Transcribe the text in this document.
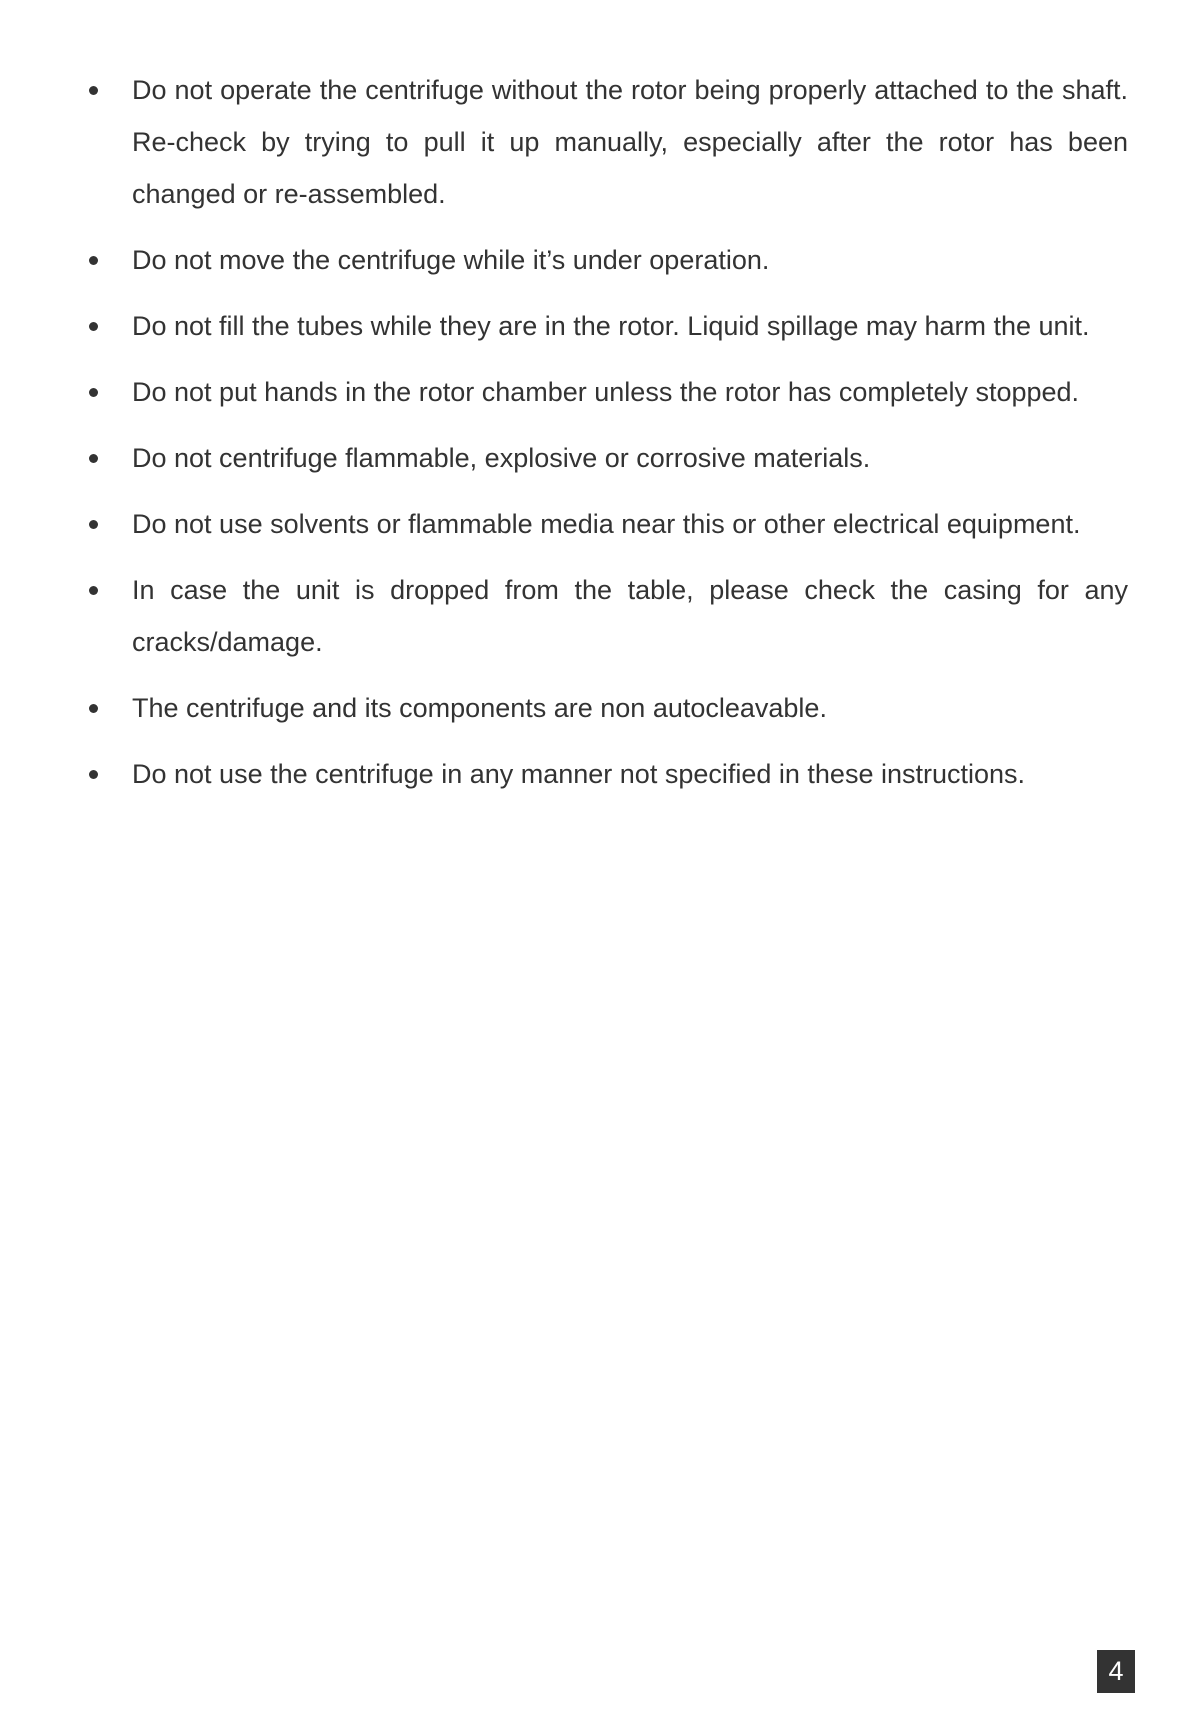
Do not operate the centrifuge without the rotor being properly attached to the shaft. Re-check by trying to pull it up manually, especially after the rotor has been changed or re-assembled.
Do not move the centrifuge while it’s under operation.
Do not fill the tubes while they are in the rotor. Liquid spillage may harm the unit.
Do not put hands in the rotor chamber unless the rotor has completely stopped.
Do not centrifuge flammable, explosive or corrosive materials.
Do not use solvents or flammable media near this or other electrical equipment.
In case the unit is dropped from the table, please check the casing for any cracks/damage.
The centrifuge and its components are non autocleavable.
Do not use the centrifuge in any manner not specified in these instructions.
4
